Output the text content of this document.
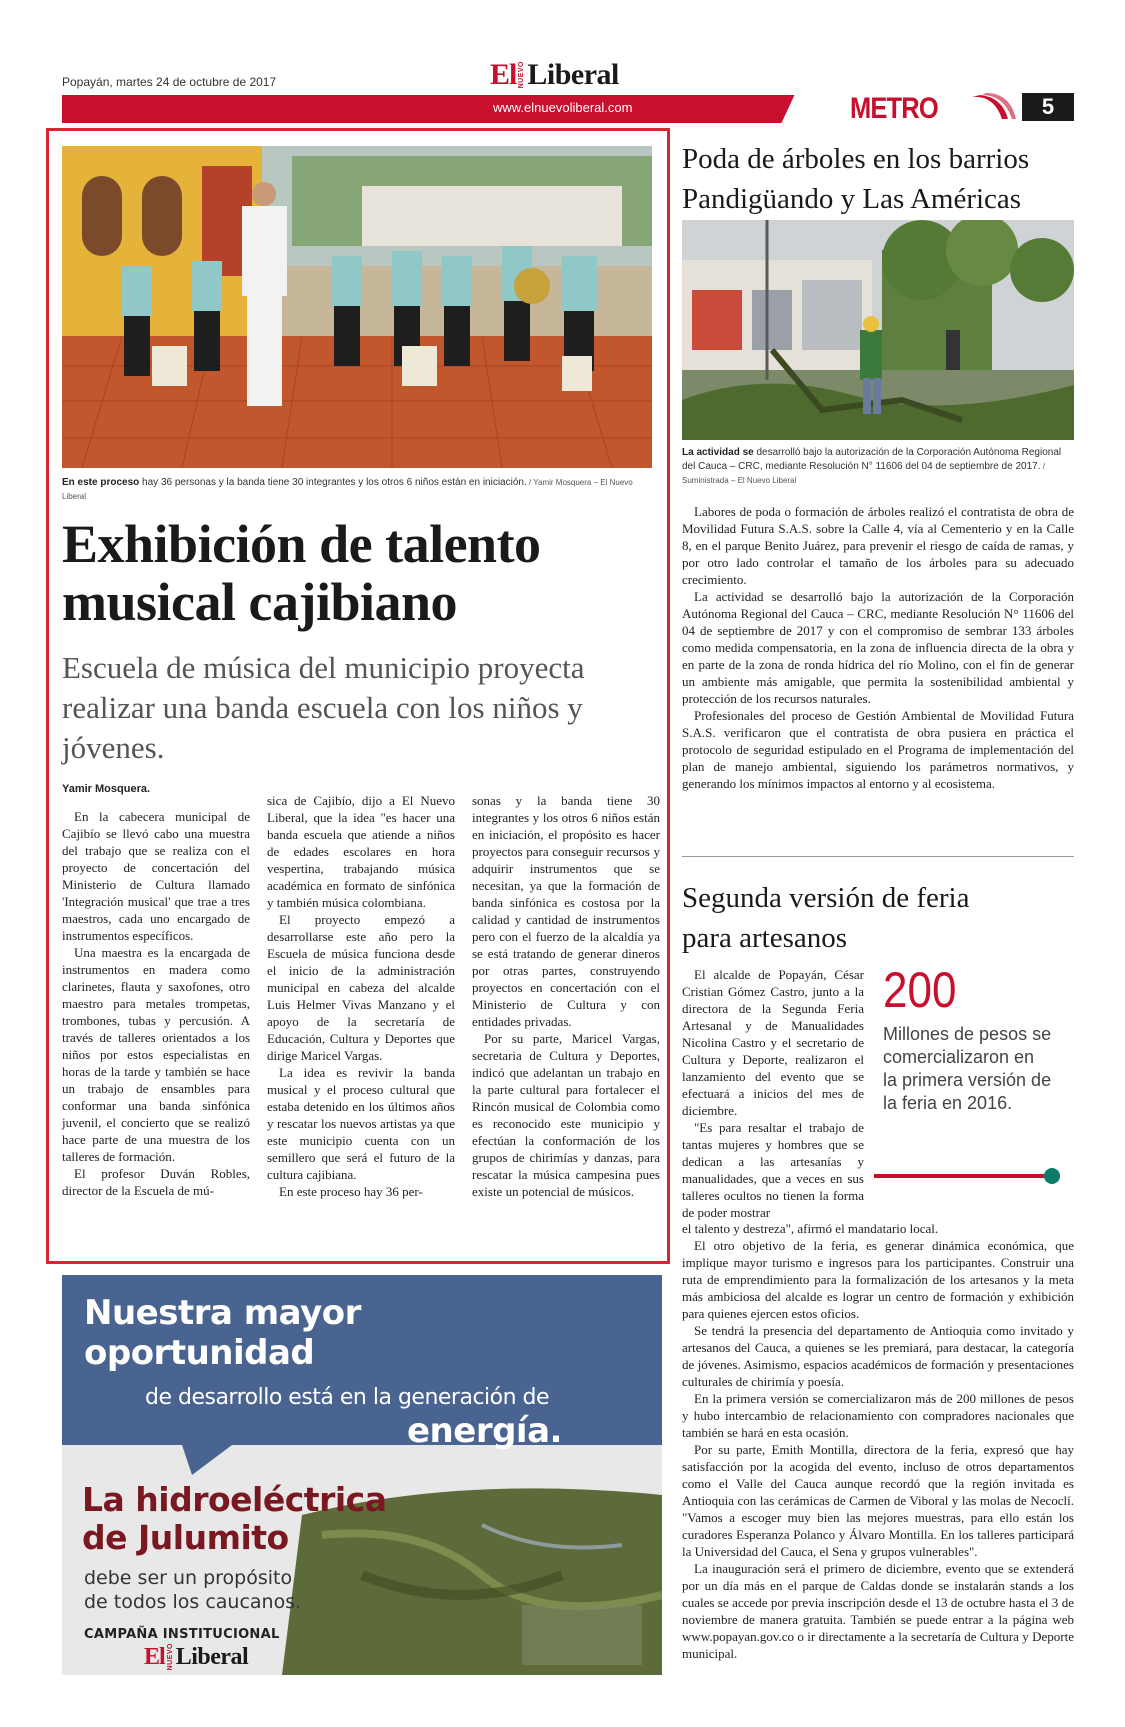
Popayán, martes 24 de octubre de 2017	El NUEVO Liberal
www.elnuevoliberal.com	METRO	5
En este proceso hay 36 personas y la banda tiene 30 integrantes y los otros 6 niños están en iniciación. / Yamir Mosquera – El Nuevo Liberal
Exhibición de talento
musical cajibiano
Escuela de música del municipio proyecta
realizar una banda escuela con los niños y
jóvenes.
Yamir Mosquera.

En la cabecera municipal de Cajibío se llevó cabo una muestra del trabajo que se realiza con el proyecto de concertación del Ministerio de Cultura llamado 'Integración musical' que trae a tres maestros, cada uno encargado de instrumentos específicos.

Una maestra es la encargada de instrumentos en madera como clarinetes, flauta y saxofones, otro maestro para metales trompetas, trombones, tubas y percusión. A través de talleres orientados a los niños por estos especialistas en horas de la tarde y también se hace un trabajo de ensambles para conformar una banda sinfónica juvenil, el concierto que se realizó hace parte de una muestra de los talleres de formación.

El profesor Duván Robles, director de la Escuela de mú-

sica de Cajibío, dijo a El Nuevo Liberal, que la idea "es hacer una banda escuela que atiende a niños de edades escolares en hora vespertina, trabajando música académica en formato de sinfónica y también música colombiana.

El proyecto empezó a desarrollarse este año pero la Escuela de música funciona desde el inicio de la administración municipal en cabeza del alcalde Luis Helmer Vivas Manzano y el apoyo de la secretaría de Educación, Cultura y Deportes que dirige Maricel Vargas.

La idea es revivir la banda musical y el proceso cultural que estaba detenido en los últimos años y rescatar los nuevos artistas ya que este municipio cuenta con un semillero que será el futuro de la cultura cajibiana.

En este proceso hay 36 per-

sonas y la banda tiene 30 integrantes y los otros 6 niños están en iniciación, el propósito es hacer proyectos para conseguir recursos y adquirir instrumentos que se necesitan, ya que la formación de banda sinfónica es costosa por la calidad y cantidad de instrumentos pero con el fuerzo de la alcaldía ya se está tratando de generar dineros por otras partes, construyendo proyectos en concertación con el Ministerio de Cultura y con entidades privadas.

Por su parte, Maricel Vargas, secretaria de Cultura y Deportes, indicó que adelantan un trabajo en la parte cultural para fortalecer el Rincón musical de Colombia como es reconocido este municipio y efectúan la conformación de los grupos de chirimías y danzas, para rescatar la música campesina pues existe un potencial de músicos.

Poda de árboles en los barrios
Pandigüando y Las Américas
La actividad se desarrolló bajo la autorización de la Corporación Autónoma Regional del Cauca – CRC, mediante Resolución N° 11606 del 04 de septiembre de 2017. / Suministrada – El Nuevo Liberal

Labores de poda o formación de árboles realizó el contratista de obra de Movilidad Futura S.A.S. sobre la Calle 4, vía al Cementerio y en la Calle 8, en el parque Benito Juárez, para prevenir el riesgo de caída de ramas, y por otro lado controlar el tamaño de los árboles para su adecuado crecimiento.

La actividad se desarrolló bajo la autorización de la Corporación Autónoma Regional del Cauca – CRC, mediante Resolución N° 11606 del 04 de septiembre de 2017 y con el compromiso de sembrar 133 árboles como medida compensatoria, en la zona de influencia directa de la obra y en parte de la zona de ronda hídrica del río Molino, con el fin de generar un ambiente más amigable, que permita la sostenibilidad ambiental y protección de los recursos naturales.

Profesionales del proceso de Gestión Ambiental de Movilidad Futura S.A.S. verificaron que el contratista de obra pusiera en práctica el protocolo de seguridad estipulado en el Programa de implementación del plan de manejo ambiental, siguiendo los parámetros normativos, y generando los mínimos impactos al entorno y al ecosistema.

Segunda versión de feria
para artesanos
200
Millones de pesos se comercializaron en la primera versión de la feria en 2016.

El alcalde de Popayán, César Cristian Gómez Castro, junto a la directora de la Segunda Feria Artesanal y de Manualidades Nicolina Castro y el secretario de Cultura y Deporte, realizaron el lanzamiento del evento que se efectuará a inicios del mes de diciembre.

"Es para resaltar el trabajo de tantas mujeres y hombres que se dedican a las artesanías y manualidades, que a veces en sus talleres ocultos no tienen la forma de poder mostrar

el talento y destreza", afirmó el mandatario local.

El otro objetivo de la feria, es generar dinámica económica, que implique mayor turismo e ingresos para los participantes. Construir una ruta de emprendimiento para la formalización de los artesanos y la meta más ambiciosa del alcalde es lograr un centro de formación y exhibición para quienes ejercen estos oficios.

Se tendrá la presencia del departamento de Antioquia como invitado y artesanos del Cauca, a quienes se les premiará, para destacar, la categoría de jóvenes. Asimismo, espacios académicos de formación y presentaciones culturales de chirimía y poesía.

En la primera versión se comercializaron más de 200 millones de pesos y hubo intercambio de relacionamiento con compradores nacionales que también se hará en esta ocasión.

Por su parte, Emith Montilla, directora de la feria, expresó que hay satisfacción por la acogida del evento, incluso de otros departamentos como el Valle del Cauca aunque recordó que la región invitada es Antioquia con las cerámicas de Carmen de Viboral y las molas de Necoclí. "Vamos a escoger muy bien las mejores muestras, para ello están los curadores Esperanza Polanco y Álvaro Montilla. En los talleres participará la Universidad del Cauca, el Sena y grupos vulnerables".

La inauguración será el primero de diciembre, evento que se extenderá por un día más en el parque de Caldas donde se instalarán stands a los cuales se accede por previa inscripción desde el 13 de octubre hasta el 3 de noviembre de manera gratuita. También se puede entrar a la página web www.popayan.gov.co o ir directamente a la secretaría de Cultura y Deporte municipal.

Nuestra mayor
oportunidad
de desarrollo está en la generación de
energía.
La hidroeléctrica
de Julumito
debe ser un propósito
de todos los caucanos.
CAMPAÑA INSTITUCIONAL
El NUEVO Liberal
